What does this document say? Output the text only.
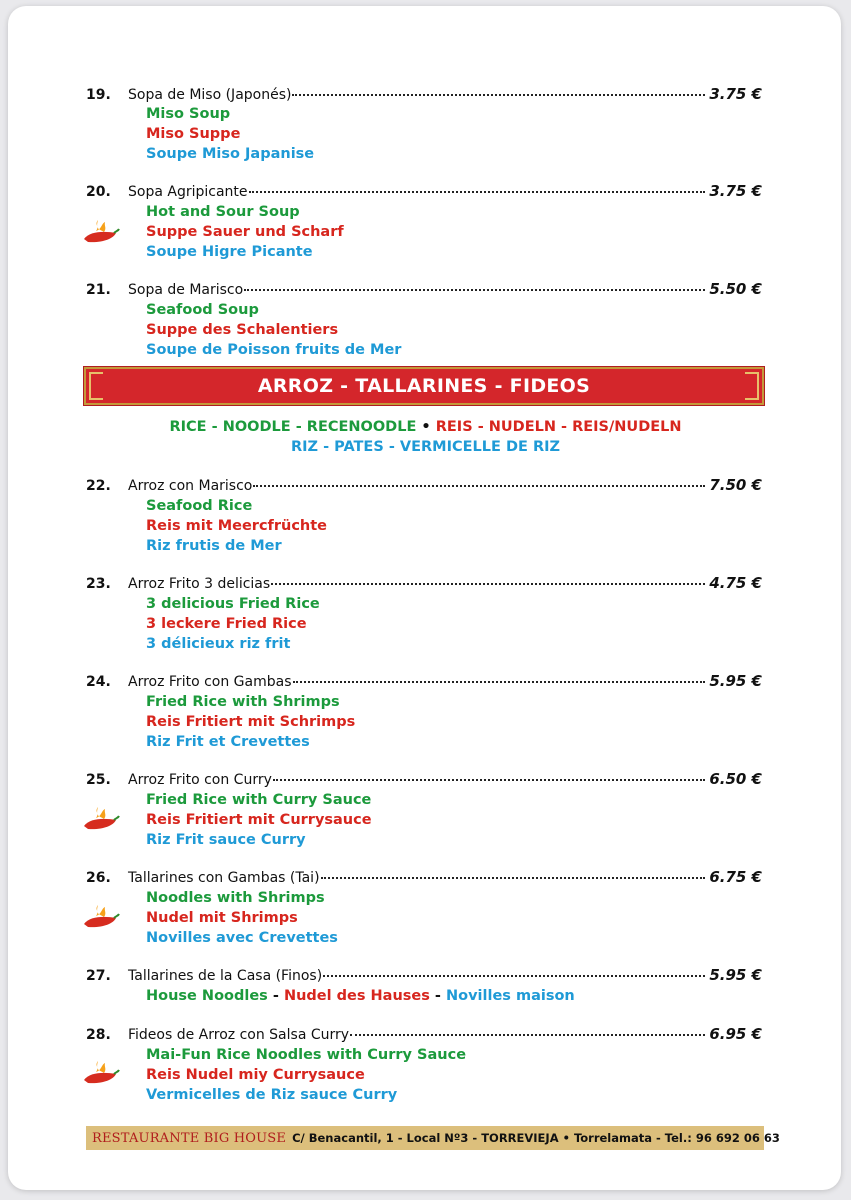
19.	Sopa de Miso (Japonés)	3.75 €
Miso Soup
Miso Suppe
Soupe Miso Japanise
20.	Sopa Agripicante	3.75 €
Hot and Sour Soup
Suppe Sauer und Scharf
Soupe Higre Picante
21.	Sopa de Marisco	5.50 €
Seafood Soup
Suppe des Schalentiers
Soupe de Poisson fruits de Mer
ARROZ - TALLARINES - FIDEOS
RICE - NOODLE - RECENOODLE • REIS - NUDELN - REIS/NUDELN
RIZ - PATES - VERMICELLE DE RIZ
22.	Arroz con Marisco	7.50 €
Seafood Rice
Reis mit Meercfrüchte
Riz frutis de Mer
23.	Arroz Frito 3 delicias	4.75 €
3 delicious Fried Rice
3 leckere Fried Rice
3 délicieux riz frit
24.	Arroz Frito con Gambas	5.95 €
Fried Rice with Shrimps
Reis Fritiert mit Schrimps
Riz Frit et Crevettes
25.	Arroz Frito con Curry	6.50 €
Fried Rice with Curry Sauce
Reis Fritiert mit Currysauce
Riz Frit sauce Curry
26.	Tallarines con Gambas (Tai)	6.75 €
Noodles with Shrimps
Nudel mit Shrimps
Novilles avec Crevettes
27.	Tallarines de la Casa (Finos)	5.95 €
House Noodles - Nudel des Hauses - Novilles maison
28.	Fideos de Arroz con Salsa Curry	6.95 €
Mai-Fun Rice Noodles with Curry Sauce
Reis Nudel miy Currysauce
Vermicelles de Riz sauce Curry
RESTAURANTE BIG HOUSE C/ Benacantil, 1 - Local Nº3 - TORREVIEJA • Torrelamata - Tel.: 96 692 06 63
